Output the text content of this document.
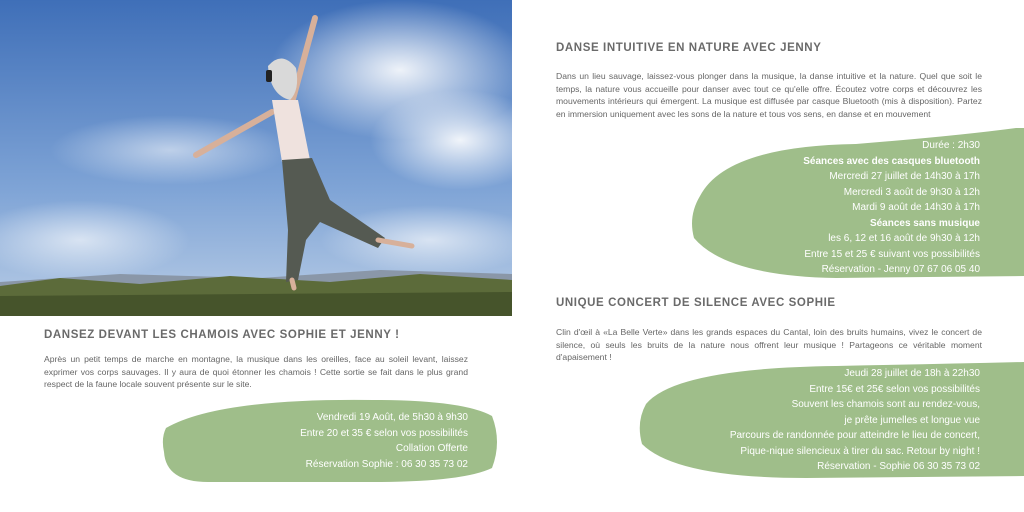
DANSEZ DEVANT LES CHAMOIS AVEC SOPHIE ET JENNY !

Après un petit temps de marche en montagne, la musique dans les oreilles, face au soleil levant, laissez exprimer vos corps sauvages. Il y aura de quoi étonner les chamois ! Cette sortie se fait dans le plus grand respect de la faune locale souvent présente sur le site.

Vendredi 19 Août, de 5h30 à 9h30
Entre 20 et 35 € selon vos possibilités
Collation Offerte
Réservation Sophie : 06 30 35 73 02
DANSE INTUITIVE EN NATURE AVEC JENNY

Dans un lieu sauvage, laissez-vous plonger dans la musique, la danse intuitive et la nature. Quel que soit le temps, la nature vous accueille pour danser avec tout ce qu'elle offre. Écoutez votre corps et découvrez les mouvements intérieurs qui émergent. La musique est diffusée par casque Bluetooth (mis à disposition). Partez en immersion uniquement avec les sons de la nature et tous vos sens, en danse et en mouvement

Durée : 2h30
Séances avec des casques bluetooth
Mercredi 27 juillet de 14h30 à 17h
Mercredi 3 août de 9h30 à 12h
Mardi 9 août de 14h30 à 17h
Séances sans musique
les 6, 12 et 16 août de 9h30 à 12h
Entre 15 et 25 € suivant vos possibilités
Réservation - Jenny 07 67 06 05 40
UNIQUE CONCERT DE SILENCE AVEC SOPHIE

Clin d'œil à «La Belle Verte» dans les grands espaces du Cantal, loin des bruits humains, vivez le concert de silence, où seuls les bruits de la nature nous offrent leur musique ! Partageons ce véritable moment d'apaisement !

Jeudi 28 juillet de 18h à 22h30
Entre 15€ et 25€ selon vos possibilités
Souvent les chamois sont au rendez-vous,
je prête jumelles et longue vue
Parcours de randonnée pour atteindre le lieu de concert,
Pique-nique silencieux à tirer du sac. Retour by night !
Réservation - Sophie 06 30 35 73 02
